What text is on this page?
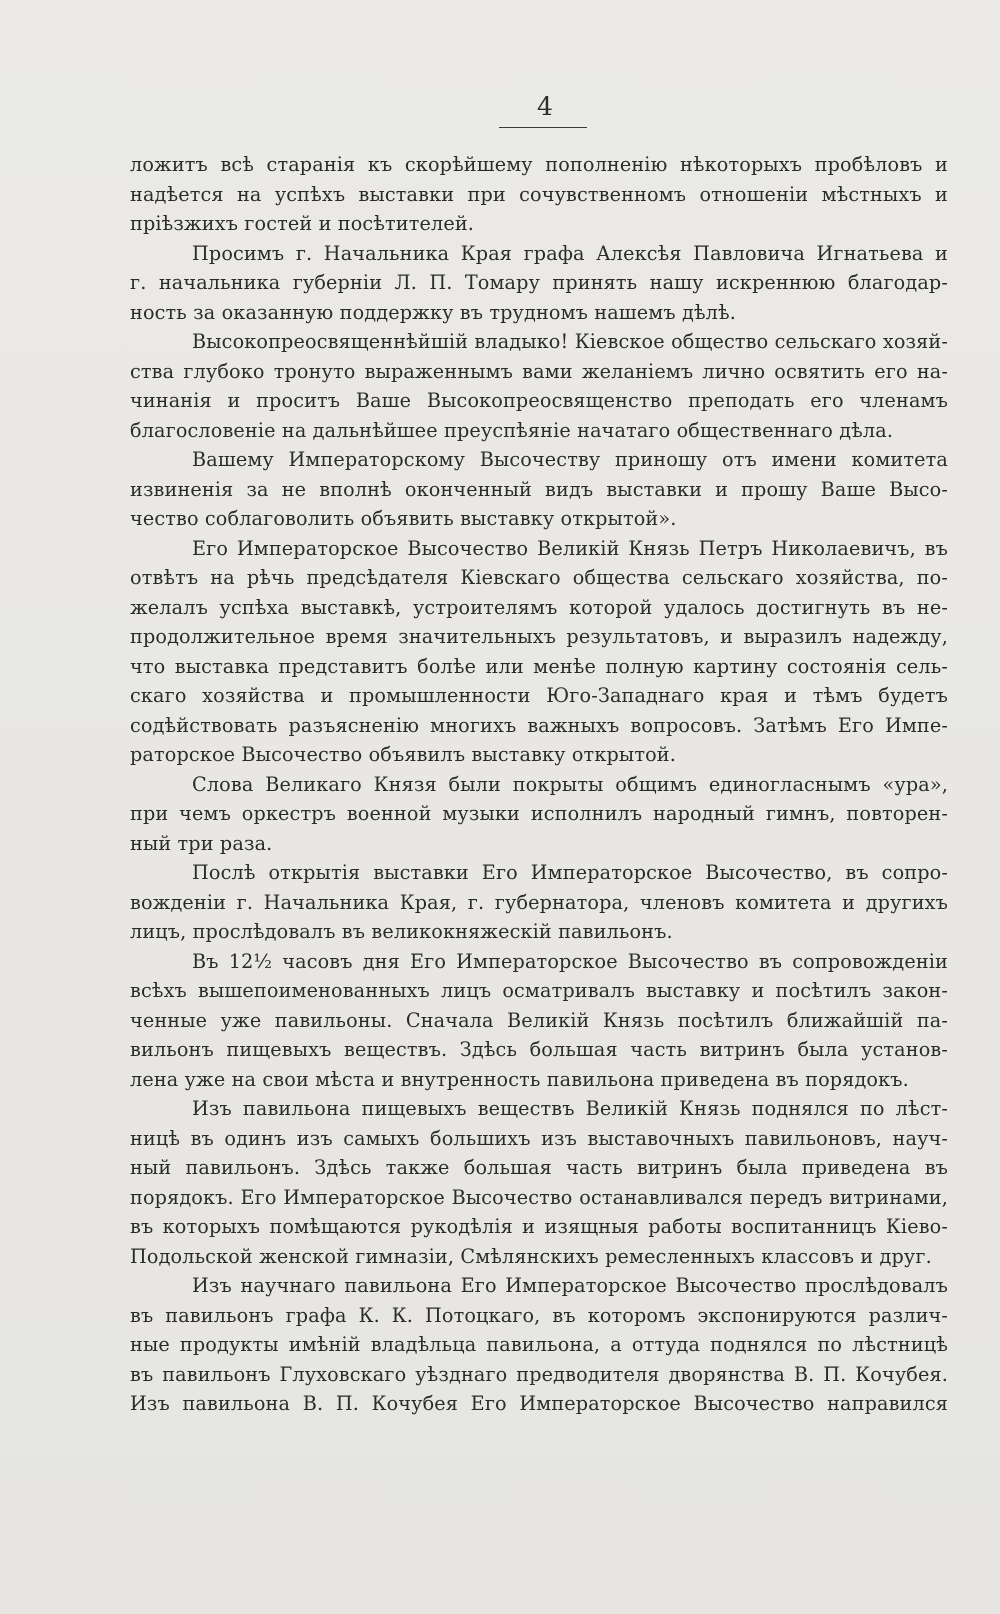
4
ложитъ всѣ старанія къ скорѣйшему пополненію нѣкоторыхъ пробѣловъ и
надѣется на успѣхъ выставки при сочувственномъ отношеніи мѣстныхъ и
пріѣзжихъ гостей и посѣтителей.
Просимъ г. Начальника Края графа Алексѣя Павловича Игнатьева и
г. начальника губерніи Л. П. Томару принять нашу искреннюю благодар-
ность за оказанную поддержку въ трудномъ нашемъ дѣлѣ.
Высокопреосвященнѣйшій владыко! Кіевское общество сельскаго хозяй-
ства глубоко тронуто выраженнымъ вами желаніемъ лично освятить его на-
чинанія и проситъ Ваше Высокопреосвященство преподать его членамъ
благословеніе на дальнѣйшее преуспѣяніе начатаго общественнаго дѣла.
Вашему Императорскому Высочеству приношу отъ имени комитета
извиненія за не вполнѣ оконченный видъ выставки и прошу Ваше Высо-
чество соблаговолить объявить выставку открытой».
Его Императорское Высочество Великій Князь Петръ Николаевичъ, въ
отвѣтъ на рѣчь предсѣдателя Кіевскаго общества сельскаго хозяйства, по-
желалъ успѣха выставкѣ, устроителямъ которой удалось достигнуть въ не-
продолжительное время значительныхъ результатовъ, и выразилъ надежду,
что выставка представитъ болѣе или менѣе полную картину состоянія сель-
скаго хозяйства и промышленности Юго-Западнаго края и тѣмъ будетъ
содѣйствовать разъясненію многихъ важныхъ вопросовъ. Затѣмъ Его Импе-
раторское Высочество объявилъ выставку открытой.
Слова Великаго Князя были покрыты общимъ единогласнымъ «ура»,
при чемъ оркестръ военной музыки исполнилъ народный гимнъ, повторен-
ный три раза.
Послѣ открытія выставки Его Императорское Высочество, въ сопро-
вожденіи г. Начальника Края, г. губернатора, членовъ комитета и другихъ
лицъ, прослѣдовалъ въ великокняжескій павильонъ.
Въ 12½ часовъ дня Его Императорское Высочество въ сопровожденіи
всѣхъ вышепоименованныхъ лицъ осматривалъ выставку и посѣтилъ закон-
ченные уже павильоны. Сначала Великій Князь посѣтилъ ближайшій па-
вильонъ пищевыхъ веществъ. Здѣсь большая часть витринъ была установ-
лена уже на свои мѣста и внутренность павильона приведена въ порядокъ.
Изъ павильона пищевыхъ веществъ Великій Князь поднялся по лѣст-
ницѣ въ одинъ изъ самыхъ большихъ изъ выставочныхъ павильоновъ, науч-
ный павильонъ. Здѣсь также большая часть витринъ была приведена въ
порядокъ. Его Императорское Высочество останавливался передъ витринами,
въ которыхъ помѣщаются рукодѣлія и изящныя работы воспитанницъ Кіево-
Подольской женской гимназіи, Смѣлянскихъ ремесленныхъ классовъ и друг.
Изъ научнаго павильона Его Императорское Высочество прослѣдовалъ
въ павильонъ графа К. К. Потоцкаго, въ которомъ экспонируются различ-
ные продукты имѣній владѣльца павильона, а оттуда поднялся по лѣстницѣ
въ павильонъ Глуховскаго уѣзднаго предводителя дворянства В. П. Кочубея.
Изъ павильона В. П. Кочубея Его Императорское Высочество направился
